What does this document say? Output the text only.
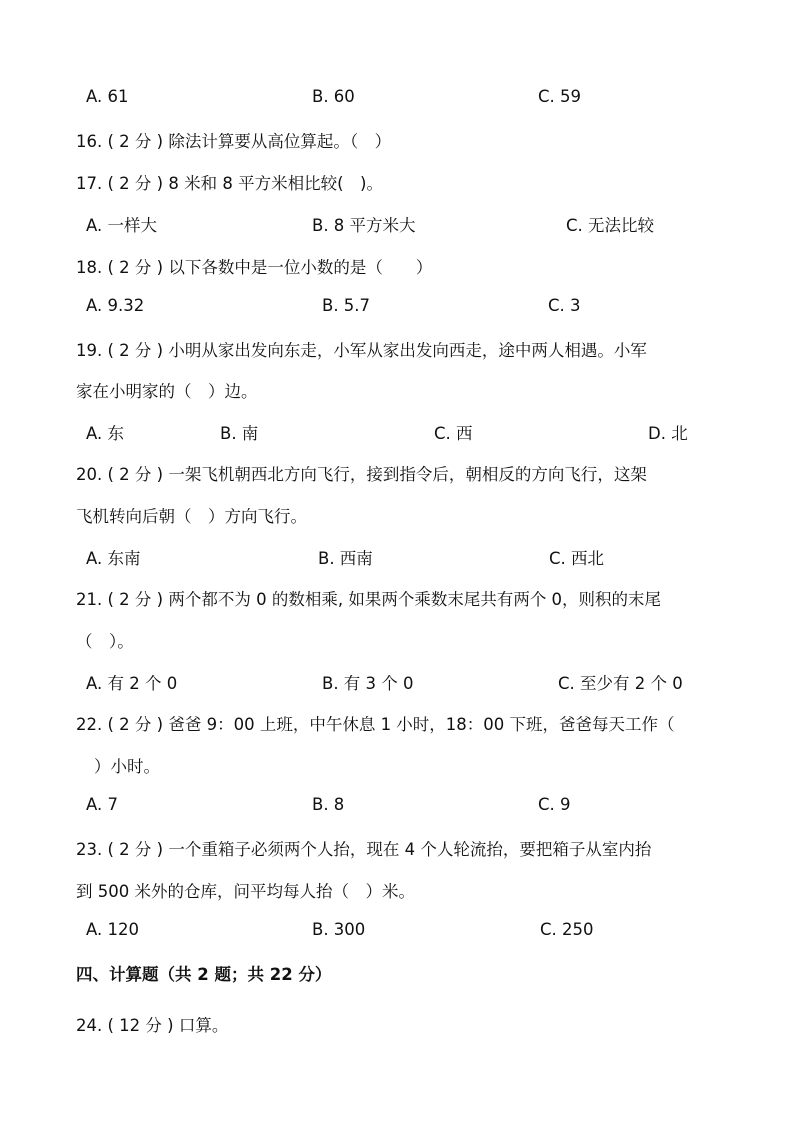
A. 61	B. 60	C. 59
16. ( 2 分 ) 除法计算要从高位算起。（　）
17. ( 2 分 ) 8 米和 8 平方米相比较(　)。
A. 一样大	B. 8 平方米大	C. 无法比较
18. ( 2 分 ) 以下各数中是一位小数的是（　　）
A. 9.32	B. 5.7	C. 3
19. ( 2 分 ) 小明从家出发向东走，小军从家出发向西走，途中两人相遇。小军
家在小明家的（　）边。
A. 东	B. 南	C. 西	D. 北
20. ( 2 分 ) 一架飞机朝西北方向飞行，接到指令后，朝相反的方向飞行，这架
飞机转向后朝（　）方向飞行。
A. 东南	B. 西南	C. 西北
21. ( 2 分 ) 两个都不为 0 的数相乘, 如果两个乘数末尾共有两个 0，则积的末尾
（　）。
A. 有 2 个 0	B. 有 3 个 0	C. 至少有 2 个 0
22. ( 2 分 ) 爸爸 9：00 上班，中午休息 1 小时，18：00 下班，爸爸每天工作（
）小时。
A. 7	B. 8	C. 9
23. ( 2 分 ) 一个重箱子必须两个人抬，现在 4 个人轮流抬，要把箱子从室内抬
到 500 米外的仓库，问平均每人抬（　）米。
A. 120	B. 300	C. 250
四、计算题（共 2 题；共 22 分）
24. ( 12 分 ) 口算。
